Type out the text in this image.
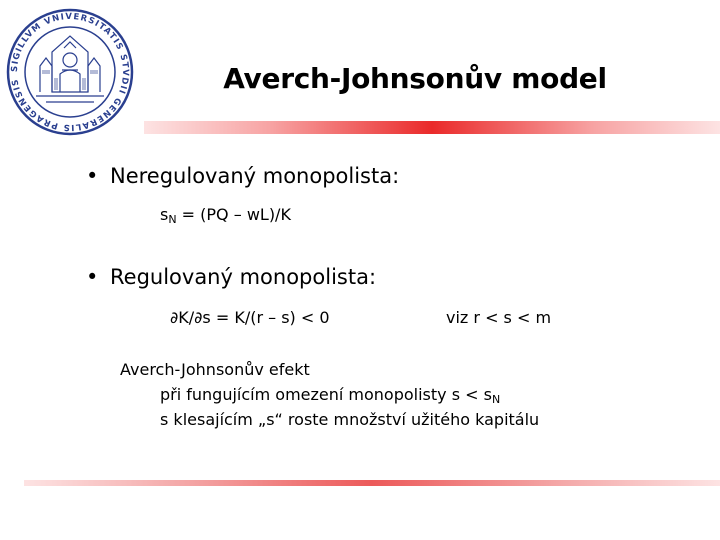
SIGILLVM VNIVERSITATIS STVDII GENERALIS PRAGENSIS	Averch-Johnsonův model
• Neregulovaný monopolista:
$s_N = (PQ - wL)/K$
• Regulovaný monopolista:
∂K/∂s = K/(r – s) < 0	viz r < s < m
Averch-Johnsonův efekt
při fungujícím omezení monopolisty $s < s_N$
s klesajícím „s“ roste množství užitého kapitálu
